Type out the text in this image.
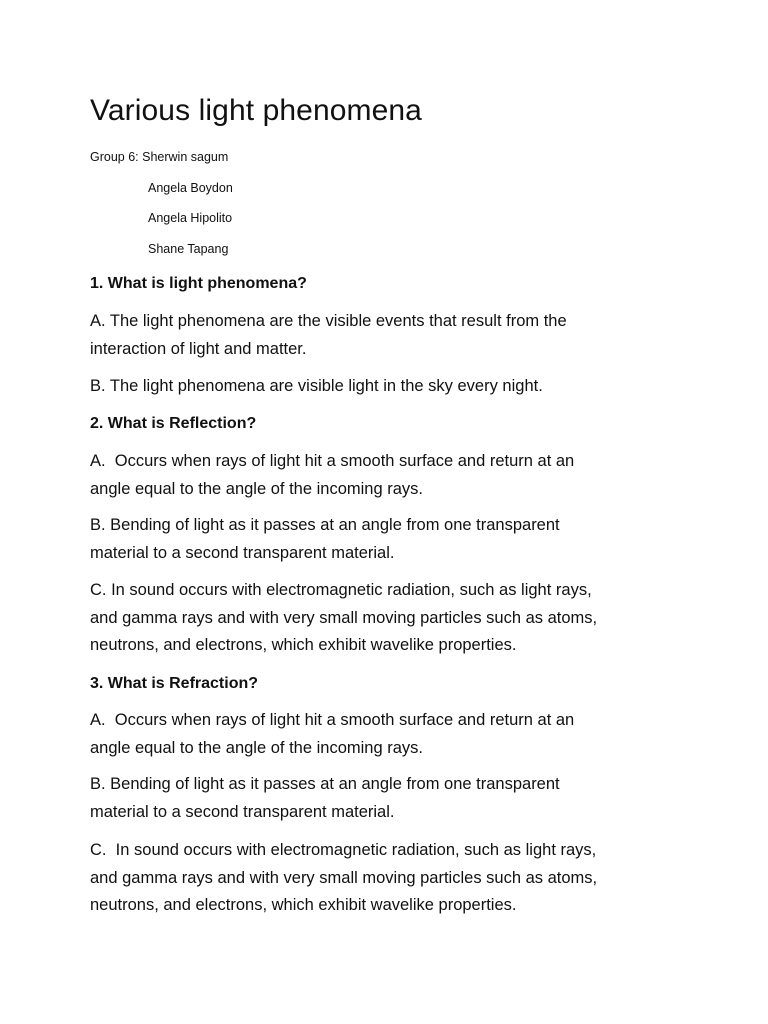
Various light phenomena
Group 6: Sherwin sagum
Angela Boydon
Angela Hipolito
Shane Tapang
1. What is light phenomena?
A. The light phenomena are the visible events that result from the
interaction of light and matter.
B. The light phenomena are visible light in the sky every night.
2. What is Reflection?
A.  Occurs when rays of light hit a smooth surface and return at an
angle equal to the angle of the incoming rays.
B. Bending of light as it passes at an angle from one transparent
material to a second transparent material.
C. In sound occurs with electromagnetic radiation, such as light rays,
and gamma rays and with very small moving particles such as atoms,
neutrons, and electrons, which exhibit wavelike properties.
3. What is Refraction?
A.  Occurs when rays of light hit a smooth surface and return at an
angle equal to the angle of the incoming rays.
B. Bending of light as it passes at an angle from one transparent
material to a second transparent material.
C.  In sound occurs with electromagnetic radiation, such as light rays,
and gamma rays and with very small moving particles such as atoms,
neutrons, and electrons, which exhibit wavelike properties.
